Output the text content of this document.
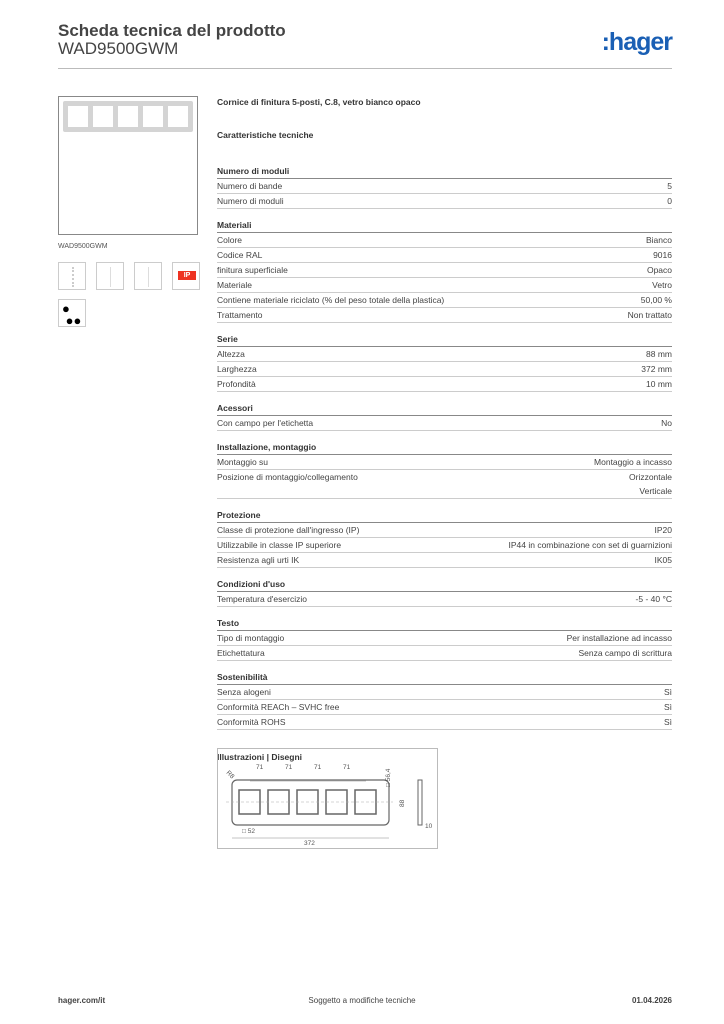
Scheda tecnica del prodotto
WAD9500GWM	:hager
WAD9500GWM
IP
●
●●
Cornice di finitura 5-posti, C.8, vetro bianco opaco
Caratteristiche tecniche
Numero di moduli
Numero di bande	5
Numero di moduli	0
Materiali
Colore	Bianco
Codice RAL	9016
finitura superficiale	Opaco
Materiale	Vetro
Contiene materiale riciclato (% del peso totale della plastica)	50,00 %
Trattamento	Non trattato
Serie
Altezza	88 mm
Larghezza	372 mm
Profondità	10 mm
Acessori
Con campo per l'etichetta	No
Installazione, montaggio
Montaggio su	Montaggio a incasso
Posizione di montaggio/collegamento	Orizzontale
Verticale
Protezione
Classe di protezione dall'ingresso (IP)	IP20
Utilizzabile in classe IP superiore	IP44 in combinazione con set di guarnizioni
Resistenza agli urti IK	IK05
Condizioni d'uso
Temperatura d'esercizio	-5 - 40 °C
Testo
Tipo di montaggio	Per installazione ad incasso
Etichettatura	Senza campo di scrittura
Sostenibilità
Senza alogeni	Sì
Conformità REACh – SVHC free	Sì
Conformità ROHS	Sì
Illustrazioni | Disegni
71	71	71	71
R8	□ 56,4
88
□ 52
372
10
hager.com/it	Soggetto a modifiche tecniche	01.04.2026
